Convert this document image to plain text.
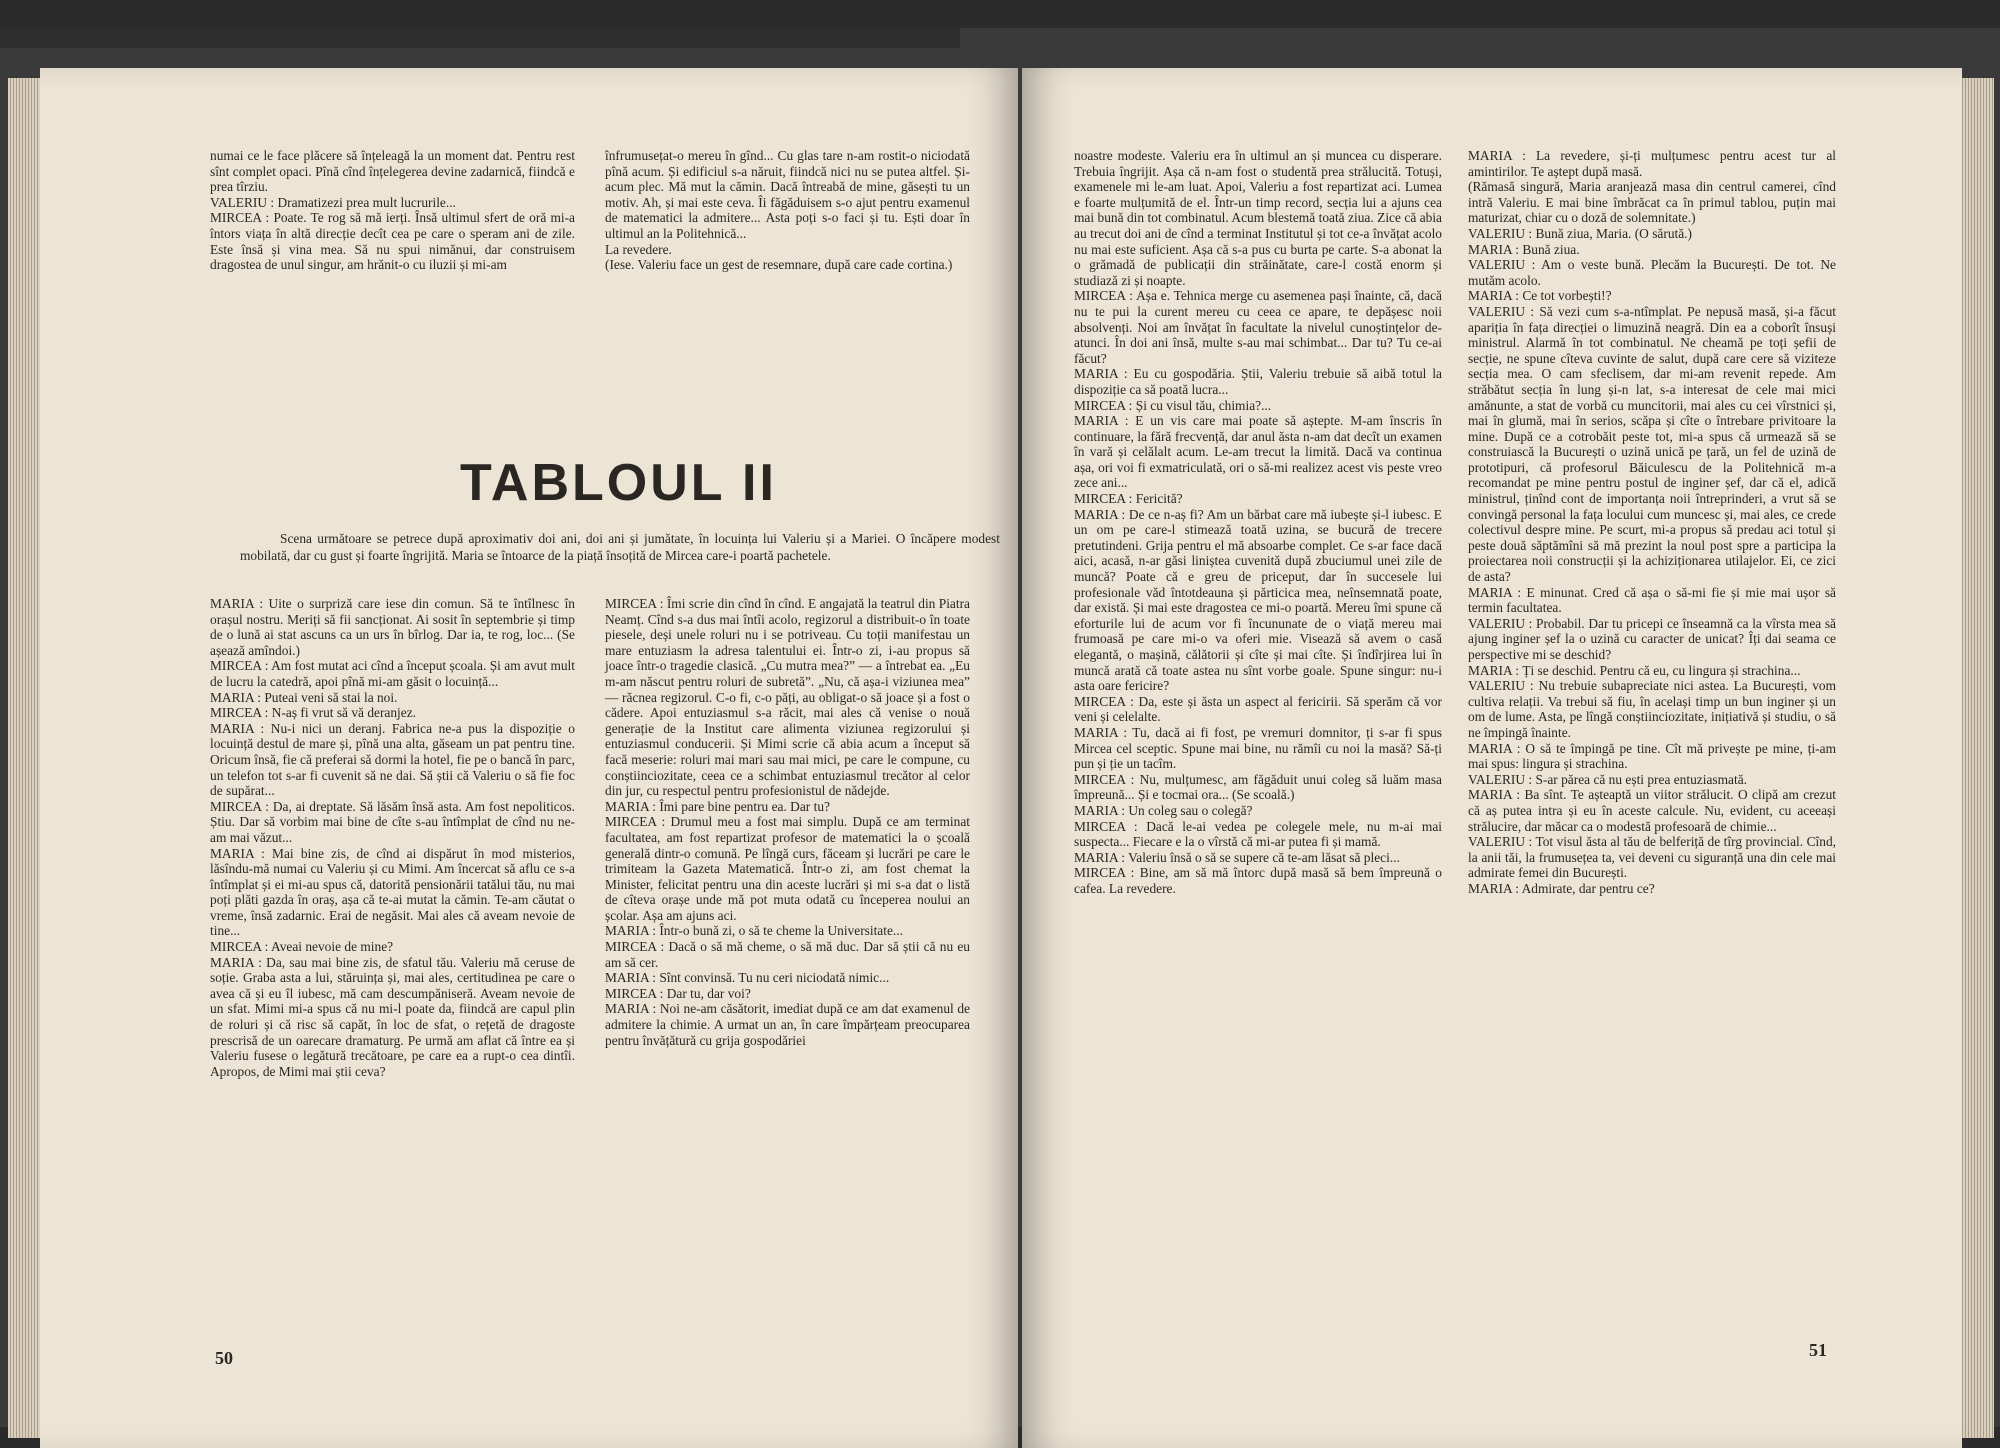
numai ce le face plăcere să înțeleagă la un moment dat. Pentru rest sînt complet opaci. Pînă cînd înțelegerea devine zadarnică, fiindcă e prea tîrziu.

VALERIU : Dramatizezi prea mult lucrurile...

MIRCEA : Poate. Te rog să mă ierți. Însă ultimul sfert de oră mi-a întors viața în altă direcție decît cea pe care o speram ani de zile. Este însă și vina mea. Să nu spui nimănui, dar construisem dragostea de unul singur, am hrănit-o cu iluzii și mi-am

înfrumusețat-o mereu în gînd... Cu glas tare n-am rostit-o niciodată pînă acum. Și edificiul s-a năruit, fiindcă nici nu se putea altfel. Și-acum plec. Mă mut la cămin. Dacă întreabă de mine, găsești tu un motiv. Ah, și mai este ceva. Îi făgăduisem s-o ajut pentru examenul de matematici la admitere... Asta poți s-o faci și tu. Ești doar în ultimul an la Politehnică...

La revedere.

(Iese. Valeriu face un gest de resemnare, după care cade cortina.)

TABLOUL II
Scena următoare se petrece după aproximativ doi ani, doi ani și jumătate, în locuința lui Valeriu și a Mariei. O încăpere modest mobilată, dar cu gust și foarte îngrijită. Maria se întoarce de la piață însoțită de Mircea care-i poartă pachetele.

MARIA : Uite o surpriză care iese din comun. Să te întîlnesc în orașul nostru. Meriți să fii sancționat. Ai sosit în septembrie și timp de o lună ai stat ascuns ca un urs în bîrlog. Dar ia, te rog, loc... (Se așează amîndoi.)

MIRCEA : Am fost mutat aci cînd a început școala. Și am avut mult de lucru la catedră, apoi pînă mi-am găsit o locuință...

MARIA : Puteai veni să stai la noi.

MIRCEA : N-aș fi vrut să vă deranjez.

MARIA : Nu-i nici un deranj. Fabrica ne-a pus la dispoziție o locuință destul de mare și, pînă una alta, găseam un pat pentru tine. Oricum însă, fie că preferai să dormi la hotel, fie pe o bancă în parc, un telefon tot s-ar fi cuvenit să ne dai. Să știi că Valeriu o să fie foc de supărat...

MIRCEA : Da, ai dreptate. Să lăsăm însă asta. Am fost nepoliticos. Știu. Dar să vorbim mai bine de cîte s-au întîmplat de cînd nu ne-am mai văzut...

MARIA : Mai bine zis, de cînd ai dispărut în mod misterios, lăsîndu-mă numai cu Valeriu și cu Mimi. Am încercat să aflu ce s-a întîmplat și ei mi-au spus că, datorită pensionării tatălui tău, nu mai poți plăti gazda în oraș, așa că te-ai mutat la cămin. Te-am căutat o vreme, însă zadarnic. Erai de negăsit. Mai ales că aveam nevoie de tine...

MIRCEA : Aveai nevoie de mine?

MARIA : Da, sau mai bine zis, de sfatul tău. Valeriu mă ceruse de soție. Graba asta a lui, stăruința și, mai ales, certitudinea pe care o avea că și eu îl iubesc, mă cam descumpăniseră. Aveam nevoie de un sfat. Mimi mi-a spus că nu mi-l poate da, fiindcă are capul plin de roluri și că risc să capăt, în loc de sfat, o rețetă de dragoste prescrisă de un oarecare dramaturg. Pe urmă am aflat că între ea și Valeriu fusese o legătură trecătoare, pe care ea a rupt-o cea dintîi. Apropos, de Mimi mai știi ceva?

MIRCEA : Îmi scrie din cînd în cînd. E angajată la teatrul din Piatra Neamț. Cînd s-a dus mai întîi acolo, regizorul a distribuit-o în toate piesele, deși unele roluri nu i se potriveau. Cu toții manifestau un mare entuziasm la adresa talentului ei. Într-o zi, i-au propus să joace într-o tragedie clasică. „Cu mutra mea?” — a întrebat ea. „Eu m-am născut pentru roluri de subretă”. „Nu, că așa-i viziunea mea” — răcnea regizorul. C-o fi, c-o păți, au obligat-o să joace și a fost o cădere. Apoi entuziasmul s-a răcit, mai ales că venise o nouă generație de la Institut care alimenta viziunea regizorului și entuziasmul conducerii. Și Mimi scrie că abia acum a început să facă meserie: roluri mai mari sau mai mici, pe care le compune, cu conștiinciozitate, ceea ce a schimbat entuziasmul trecător al celor din jur, cu respectul pentru profesionistul de nădejde.

MARIA : Îmi pare bine pentru ea. Dar tu?

MIRCEA : Drumul meu a fost mai simplu. După ce am terminat facultatea, am fost repartizat profesor de matematici la o școală generală dintr-o comună. Pe lîngă curs, făceam și lucrări pe care le trimiteam la Gazeta Matematică. Într-o zi, am fost chemat la Minister, felicitat pentru una din aceste lucrări și mi s-a dat o listă de cîteva orașe unde mă pot muta odată cu începerea noului an școlar. Așa am ajuns aci.

MARIA : Într-o bună zi, o să te cheme la Universitate...

MIRCEA : Dacă o să mă cheme, o să mă duc. Dar să știi că nu eu am să cer.

MARIA : Sînt convinsă. Tu nu ceri niciodată nimic...

MIRCEA : Dar tu, dar voi?

MARIA : Noi ne-am căsătorit, imediat după ce am dat examenul de admitere la chimie. A urmat un an, în care împărțeam preocuparea pentru învățătură cu grija gospodăriei

50

noastre modeste. Valeriu era în ultimul an și muncea cu disperare. Trebuia îngrijit. Așa că n-am fost o studentă prea strălucită. Totuși, examenele mi le-am luat. Apoi, Valeriu a fost repartizat aci. Lumea e foarte mulțumită de el. Într-un timp record, secția lui a ajuns cea mai bună din tot combinatul. Acum blestemă toată ziua. Zice că abia au trecut doi ani de cînd a terminat Institutul și tot ce-a învățat acolo nu mai este suficient. Așa că s-a pus cu burta pe carte. S-a abonat la o grămadă de publicații din străinătate, care-l costă enorm și studiază zi și noapte.

MIRCEA : Așa e. Tehnica merge cu asemenea pași înainte, că, dacă nu te pui la curent mereu cu ceea ce apare, te depășesc noii absolvenți. Noi am învățat în facultate la nivelul cunoștințelor de-atunci. În doi ani însă, multe s-au mai schimbat... Dar tu? Tu ce-ai făcut?

MARIA : Eu cu gospodăria. Știi, Valeriu trebuie să aibă totul la dispoziție ca să poată lucra...

MIRCEA : Și cu visul tău, chimia?...

MARIA : E un vis care mai poate să aștepte. M-am înscris în continuare, la fără frecvență, dar anul ăsta n-am dat decît un examen în vară și celălalt acum. Le-am trecut la limită. Dacă va continua așa, ori voi fi exmatriculată, ori o să-mi realizez acest vis peste vreo zece ani...

MIRCEA : Fericită?

MARIA : De ce n-aș fi? Am un bărbat care mă iubește și-l iubesc. E un om pe care-l stimează toată uzina, se bucură de trecere pretutindeni. Grija pentru el mă absoarbe complet. Ce s-ar face dacă aici, acasă, n-ar găsi liniștea cuvenită după zbuciumul unei zile de muncă? Poate că e greu de priceput, dar în succesele lui profesionale văd întotdeauna și părticica mea, neînsemnată poate, dar există. Și mai este dragostea ce mi-o poartă. Mereu îmi spune că eforturile lui de acum vor fi încununate de o viață mereu mai frumoasă pe care mi-o va oferi mie. Visează să avem o casă elegantă, o mașină, călătorii și cîte și mai cîte. Și îndîrjirea lui în muncă arată că toate astea nu sînt vorbe goale. Spune singur: nu-i asta oare fericire?

MIRCEA : Da, este și ăsta un aspect al fericirii. Să sperăm că vor veni și celelalte.

MARIA : Tu, dacă ai fi fost, pe vremuri domnitor, ți s-ar fi spus Mircea cel sceptic. Spune mai bine, nu rămîi cu noi la masă? Să-ți pun și ție un tacîm.

MIRCEA : Nu, mulțumesc, am făgăduit unui coleg să luăm masa împreună... Și e tocmai ora... (Se scoală.)

MARIA : Un coleg sau o colegă?

MIRCEA : Dacă le-ai vedea pe colegele mele, nu m-ai mai suspecta... Fiecare e la o vîrstă că mi-ar putea fi și mamă.

MARIA : Valeriu însă o să se supere că te-am lăsat să pleci...

MIRCEA : Bine, am să mă întorc după masă să bem împreună o cafea. La revedere.

MARIA : La revedere, și-ți mulțumesc pentru acest tur al amintirilor. Te aștept după masă.

(Rămasă singură, Maria aranjează masa din centrul camerei, cînd intră Valeriu. E mai bine îmbrăcat ca în primul tablou, puțin mai maturizat, chiar cu o doză de solemnitate.)

VALERIU : Bună ziua, Maria. (O sărută.)

MARIA : Bună ziua.

VALERIU : Am o veste bună. Plecăm la București. De tot. Ne mutăm acolo.

MARIA : Ce tot vorbești!?

VALERIU : Să vezi cum s-a-ntîmplat. Pe nepusă masă, și-a făcut apariția în fața direcției o limuzină neagră. Din ea a coborît însuși ministrul. Alarmă în tot combinatul. Ne cheamă pe toți șefii de secție, ne spune cîteva cuvinte de salut, după care cere să viziteze secția mea. O cam sfeclisem, dar mi-am revenit repede. Am străbătut secția în lung și-n lat, s-a interesat de cele mai mici amănunte, a stat de vorbă cu muncitorii, mai ales cu cei vîrstnici și, mai în glumă, mai în serios, scăpa și cîte o întrebare privitoare la mine. După ce a cotrobăit peste tot, mi-a spus că urmează să se construiască la București o uzină unică pe țară, un fel de uzină de prototipuri, că profesorul Băiculescu de la Politehnică m-a recomandat pe mine pentru postul de inginer șef, dar că el, adică ministrul, ținînd cont de importanța noii întreprinderi, a vrut să se convingă personal la fața locului cum muncesc și, mai ales, ce crede colectivul despre mine. Pe scurt, mi-a propus să predau aci totul și peste două săptămîni să mă prezint la noul post spre a participa la proiectarea noii construcții și la achiziționarea utilajelor. Ei, ce zici de asta?

MARIA : E minunat. Cred că așa o să-mi fie și mie mai ușor să termin facultatea.

VALERIU : Probabil. Dar tu pricepi ce înseamnă ca la vîrsta mea să ajung inginer șef la o uzină cu caracter de unicat? Îți dai seama ce perspective mi se deschid?

MARIA : Ți se deschid. Pentru că eu, cu lingura și strachina...

VALERIU : Nu trebuie subapreciate nici astea. La București, vom cultiva relații. Va trebui să fiu, în același timp un bun inginer și un om de lume. Asta, pe lîngă conștiinciozitate, inițiativă și studiu, o să ne împingă înainte.

MARIA : O să te împingă pe tine. Cît mă privește pe mine, ți-am mai spus: lingura și strachina.

VALERIU : S-ar părea că nu ești prea entuziasmată.

MARIA : Ba sînt. Te așteaptă un viitor strălucit. O clipă am crezut că aș putea intra și eu în aceste calcule. Nu, evident, cu aceeași strălucire, dar măcar ca o modestă profesoară de chimie...

VALERIU : Tot visul ăsta al tău de belferiță de tîrg provincial. Cînd, la anii tăi, la frumusețea ta, vei deveni cu siguranță una din cele mai admirate femei din București.

MARIA : Admirate, dar pentru ce?

51
